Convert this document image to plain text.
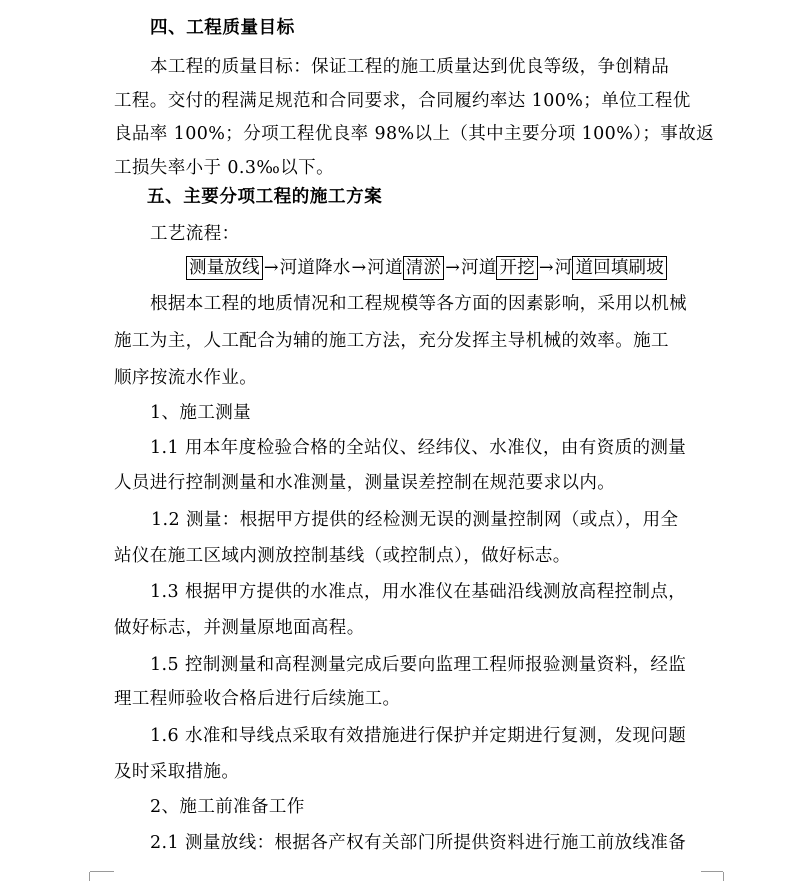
四、工程质量目标
本工程的质量目标：保证工程的施工质量达到优良等级，争创精品
工程。交付的程满足规范和合同要求，合同履约率达 100%；单位工程优
良品率 100%；分项工程优良率 98%以上（其中主要分项 100%）；事故返
工损失率小于 0.3‰以下。
五、主要分项工程的施工方案
工艺流程：
测量放线 →河道降水→河道 清淤 →河道 开挖 →河 道回填刷坡
根据本工程的地质情况和工程规模等各方面的因素影响，采用以机械
施工为主，人工配合为辅的施工方法，充分发挥主导机械的效率。施工
顺序按流水作业。
1、施工测量
1.1 用本年度检验合格的全站仪、经纬仪、水准仪，由有资质的测量
人员进行控制测量和水准测量，测量误差控制在规范要求以内。
1.2 测量：根据甲方提供的经检测无误的测量控制网（或点），用全
站仪在施工区域内测放控制基线（或控制点），做好标志。
1.3 根据甲方提供的水准点，用水准仪在基础沿线测放高程控制点，
做好标志，并测量原地面高程。
1.5 控制测量和高程测量完成后要向监理工程师报验测量资料，经监
理工程师验收合格后进行后续施工。
1.6 水准和导线点采取有效措施进行保护并定期进行复测，发现问题
及时采取措施。
2、施工前准备工作
2.1 测量放线：根据各产权有关部门所提供资料进行施工前放线准备
